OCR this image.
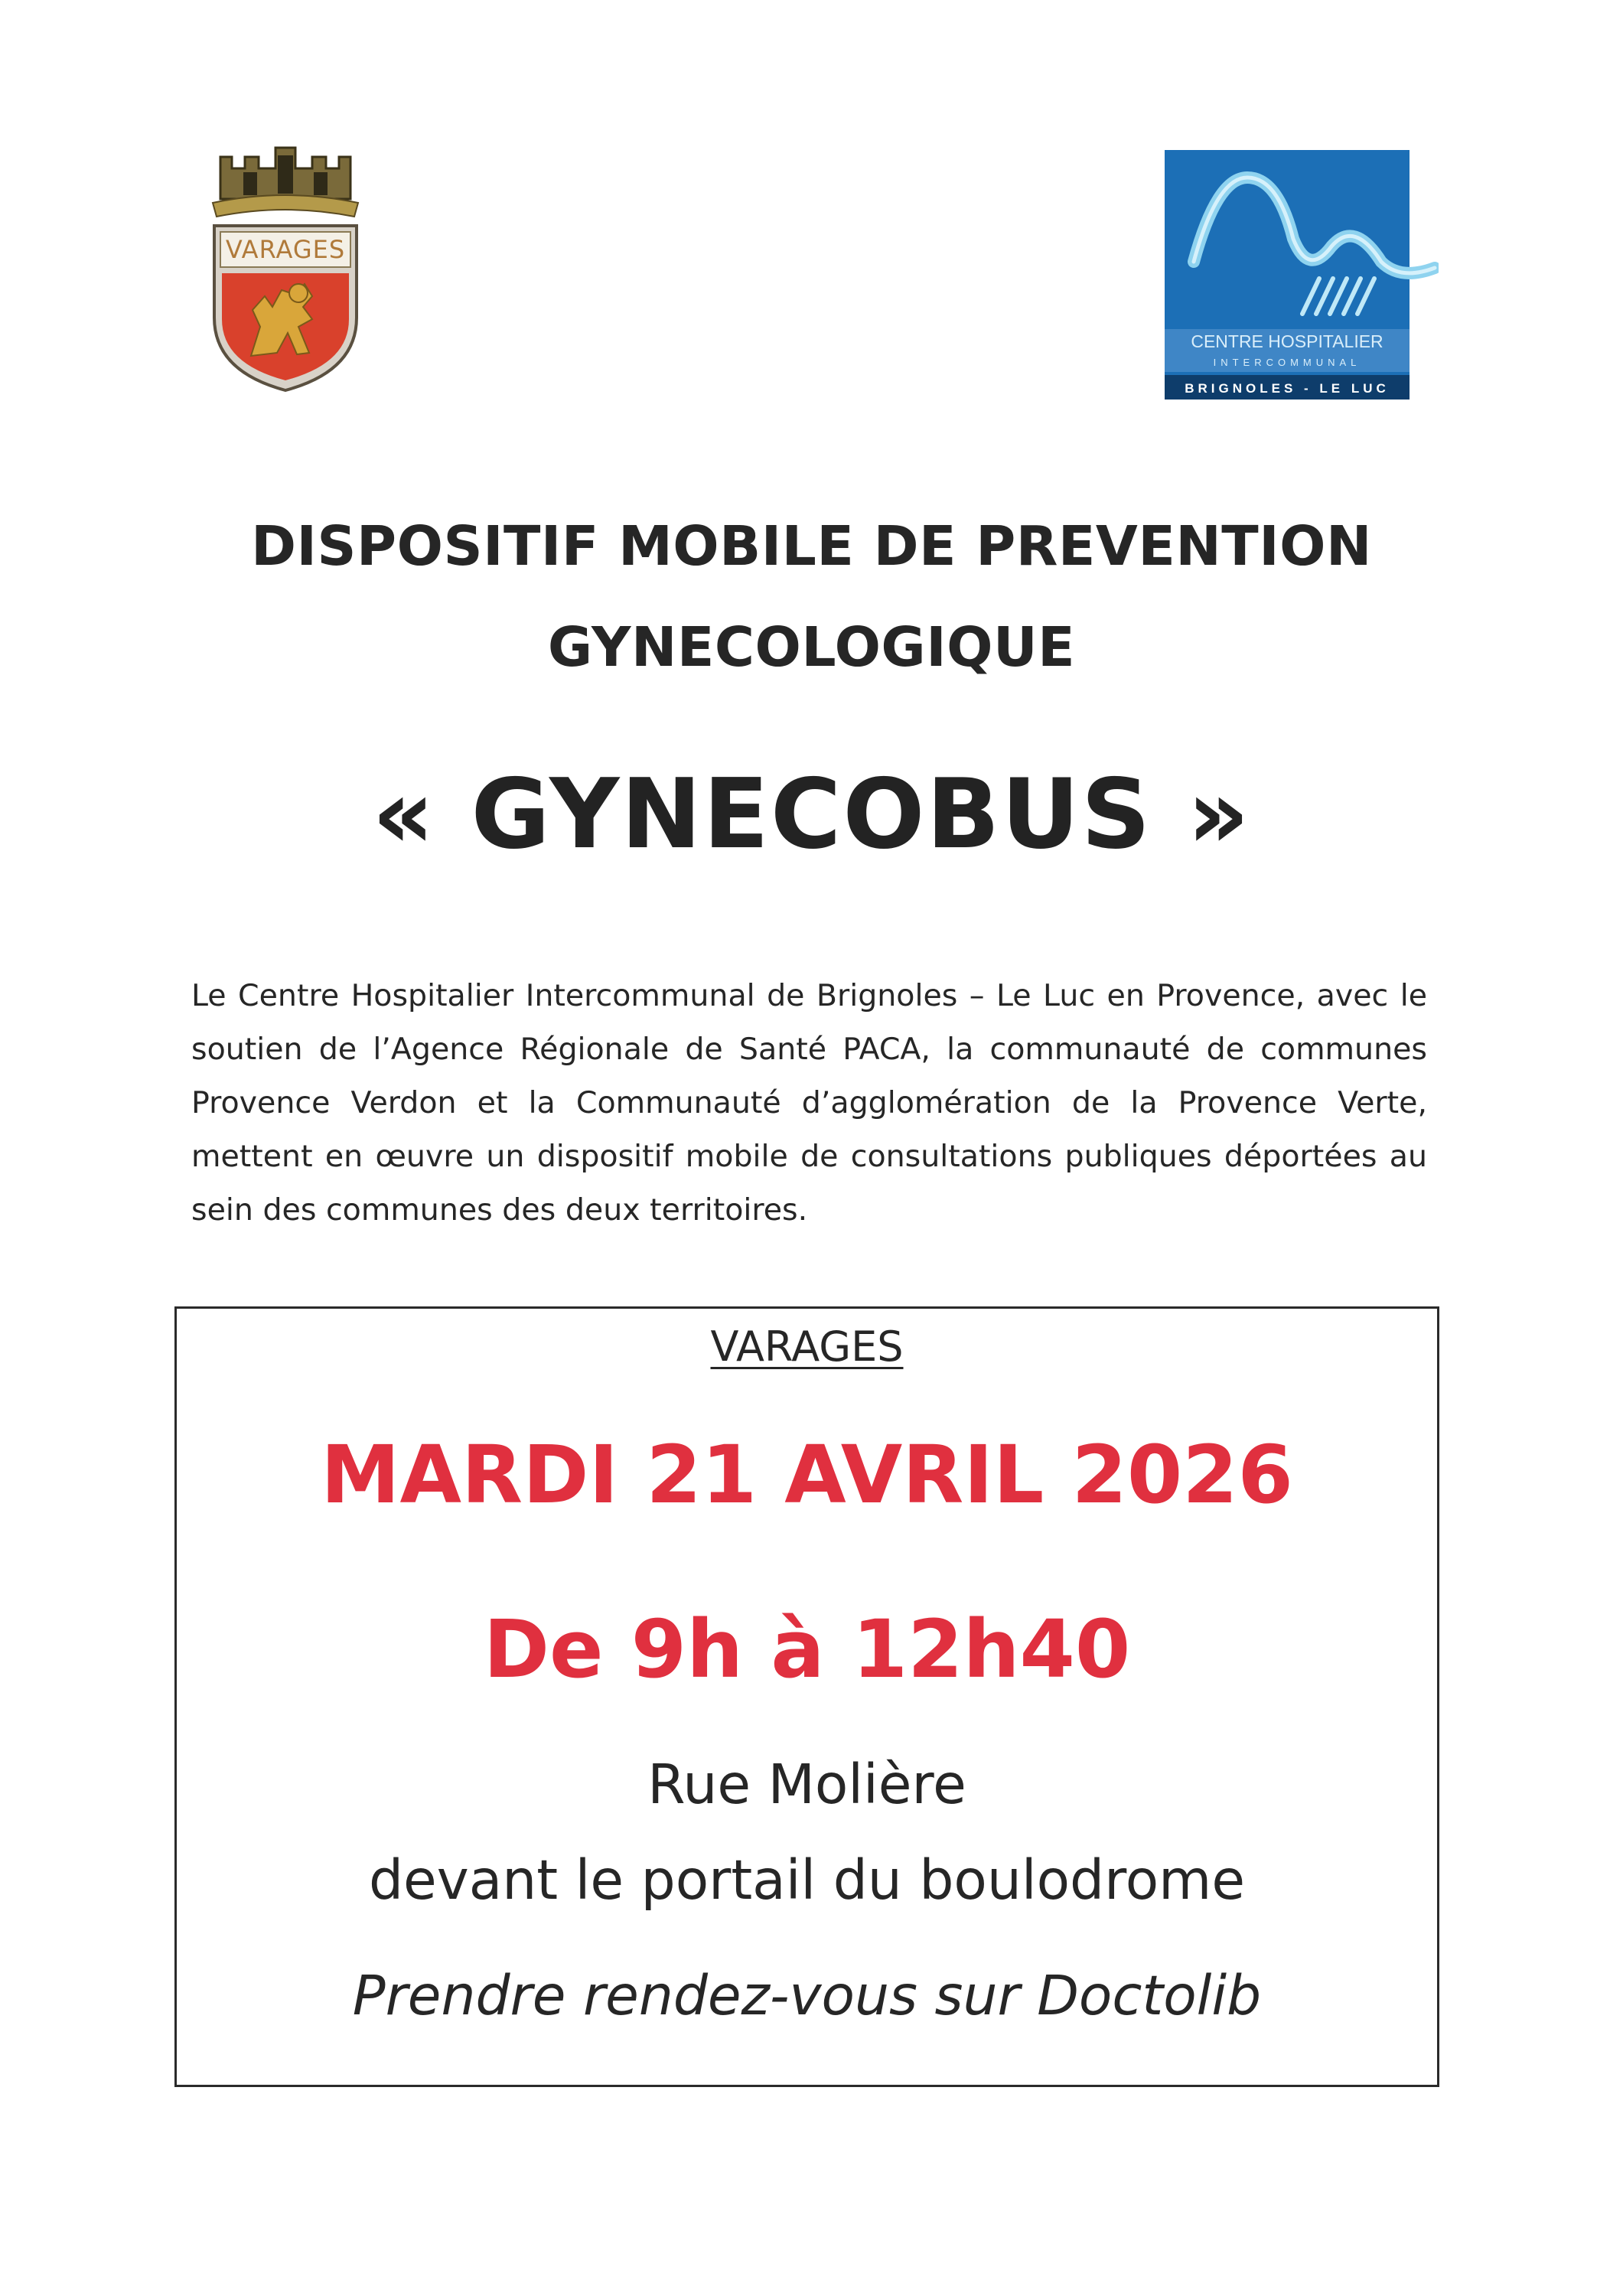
VARAGES
CENTRE HOSPITALIER
INTERCOMMUNAL
BRIGNOLES - LE LUC
DISPOSITIF MOBILE DE PREVENTION
GYNECOLOGIQUE
« GYNECOBUS »

Le Centre Hospitalier Intercommunal de Brignoles – Le Luc en Provence, avec le soutien de l’Agence Régionale de Santé PACA, la communauté de communes Provence Verdon et la Communauté d’agglomération de la Provence Verte, mettent en œuvre un dispositif mobile de consultations publiques déportées au sein des communes des deux territoires.

VARAGES
MARDI 21 AVRIL 2026
De 9h à 12h40
Rue Molière
devant le portail du boulodrome
Prendre rendez-vous sur Doctolib
